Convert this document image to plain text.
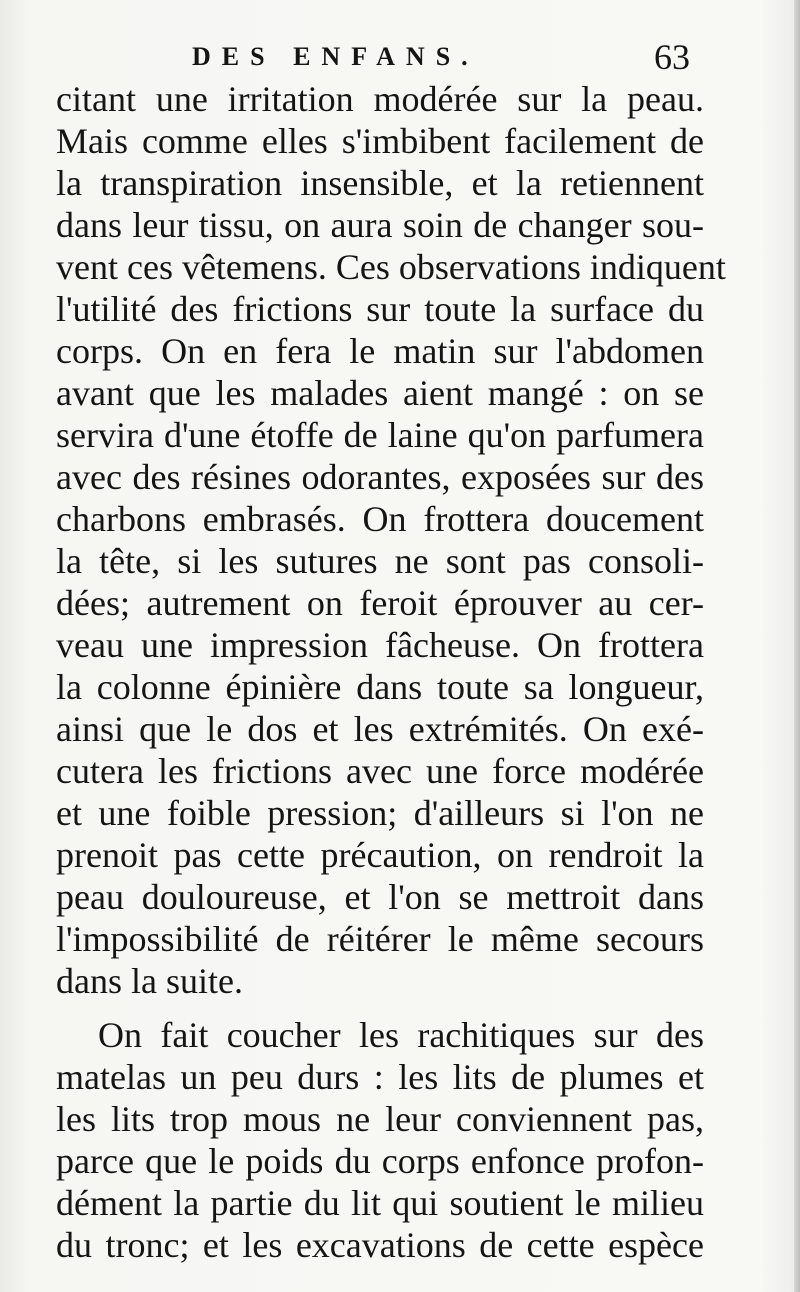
DES ENFANS.	63
citant une irritation modérée sur la peau.
Mais comme elles s'imbibent facilement de
la transpiration insensible, et la retiennent
dans leur tissu, on aura soin de changer sou-
vent ces vêtemens. Ces observations indiquent
l'utilité des frictions sur toute la surface du
corps. On en fera le matin sur l'abdomen
avant que les malades aient mangé : on se
servira d'une étoffe de laine qu'on parfumera
avec des résines odorantes, exposées sur des
charbons embrasés. On frottera doucement
la tête, si les sutures ne sont pas consoli-
dées; autrement on feroit éprouver au cer-
veau une impression fâcheuse. On frottera
la colonne épinière dans toute sa longueur,
ainsi que le dos et les extrémités. On exé-
cutera les frictions avec une force modérée
et une foible pression; d'ailleurs si l'on ne
prenoit pas cette précaution, on rendroit la
peau douloureuse, et l'on se mettroit dans
l'impossibilité de réitérer le même secours
dans la suite.
On fait coucher les rachitiques sur des
matelas un peu durs : les lits de plumes et
les lits trop mous ne leur conviennent pas,
parce que le poids du corps enfonce profon-
dément la partie du lit qui soutient le milieu
du tronc; et les excavations de cette espèce
